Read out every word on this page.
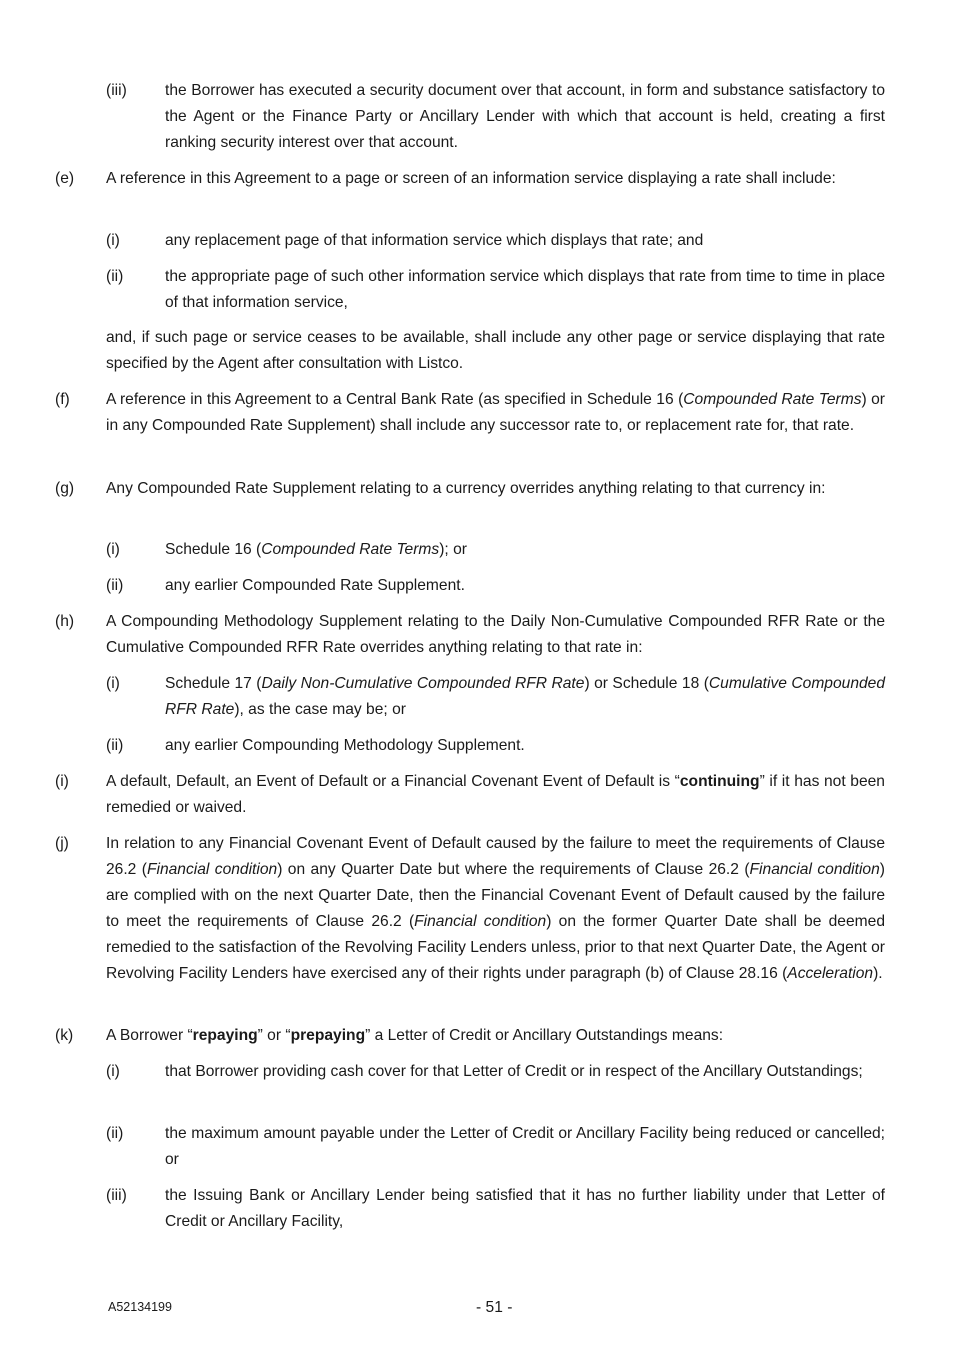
(iii) the Borrower has executed a security document over that account, in form and substance satisfactory to the Agent or the Finance Party or Ancillary Lender with which that account is held, creating a first ranking security interest over that account.

(e) A reference in this Agreement to a page or screen of an information service displaying a rate shall include:

(i)	any replacement page of that information service which displays that rate; and

(ii)	the appropriate page of such other information service which displays that rate from time to time in place of that information service,

and, if such page or service ceases to be available, shall include any other page or service displaying that rate specified by the Agent after consultation with Listco.

(f) A reference in this Agreement to a Central Bank Rate (as specified in Schedule 16 (Compounded Rate Terms) or in any Compounded Rate Supplement) shall include any successor rate to, or replacement rate for, that rate.

(g) Any Compounded Rate Supplement relating to a currency overrides anything relating to that currency in:

(i)	Schedule 16 (Compounded Rate Terms); or

(ii)	any earlier Compounded Rate Supplement.

(h) A Compounding Methodology Supplement relating to the Daily Non-Cumulative Compounded RFR Rate or the Cumulative Compounded RFR Rate overrides anything relating to that rate in:

(i)	Schedule 17 (Daily Non-Cumulative Compounded RFR Rate) or Schedule 18 (Cumulative Compounded RFR Rate), as the case may be; or

(ii)	any earlier Compounding Methodology Supplement.

(i) A default, Default, an Event of Default or a Financial Covenant Event of Default is “continuing” if it has not been remedied or waived.

(j) In relation to any Financial Covenant Event of Default caused by the failure to meet the requirements of Clause 26.2 (Financial condition) on any Quarter Date but where the requirements of Clause 26.2 (Financial condition) are complied with on the next Quarter Date, then the Financial Covenant Event of Default caused by the failure to meet the requirements of Clause 26.2 (Financial condition) on the former Quarter Date shall be deemed remedied to the satisfaction of the Revolving Facility Lenders unless, prior to that next Quarter Date, the Agent or Revolving Facility Lenders have exercised any of their rights under paragraph (b) of Clause 28.16 (Acceleration).

(k) A Borrower “repaying” or “prepaying” a Letter of Credit or Ancillary Outstandings means:

(i)	that Borrower providing cash cover for that Letter of Credit or in respect of the Ancillary Outstandings;

(ii)	the maximum amount payable under the Letter of Credit or Ancillary Facility being reduced or cancelled; or

(iii) the Issuing Bank or Ancillary Lender being satisfied that it has no further liability under that Letter of Credit or Ancillary Facility,

A52134199	- 51 -
